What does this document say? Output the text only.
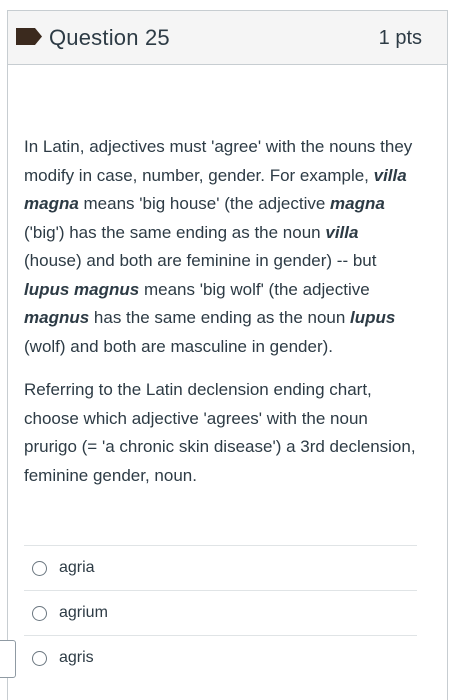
Question 25	1 pts

In Latin, adjectives must 'agree' with the nouns they modify in case, number, gender. For example, villa magna means 'big house' (the adjective magna ('big') has the same ending as the noun villa (house) and both are feminine in gender) -- but lupus magnus means 'big wolf' (the adjective magnus has the same ending as the noun lupus (wolf) and both are masculine in gender).

Referring to the Latin declension ending chart, choose which adjective 'agrees' with the noun prurigo (= 'a chronic skin disease') a 3rd declension, feminine gender, noun.

agria
agrium
agris
